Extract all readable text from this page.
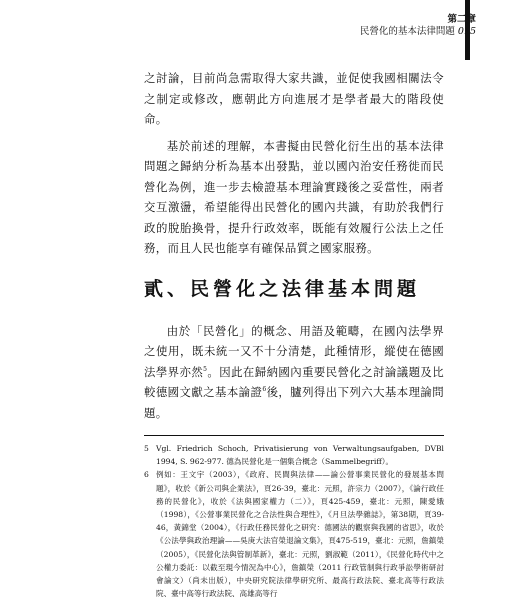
第二章
民營化的基本法律問題 015

之討論，目前尚急需取得大家共識，並促使我國相關法令之制定或修改，應朝此方向進展才是學者最大的階段使命。

基於前述的理解，本書擬由民營化衍生出的基本法律問題之歸納分析為基本出發點，並以國內治安任務徙而民營化為例，進一步去檢證基本理論實踐後之妥當性，兩者交互激盪，希望能得出民營化的國內共識，有助於我們行政的脫胎換骨，提升行政效率，既能有效履行公法上之任務，而且人民也能享有確保品質之國家服務。

貳、民營化之法律基本問題

由於「民營化」的概念、用語及範疇，在國內法學界之使用，既未統一又不十分清楚，此種情形，縱使在德國法學界亦然$^5$。因此在歸納國內重要民營化之討論議題及比較德國文獻之基本論證$^6$後，臚列得出下列六大基本理論問題。

5 Vgl. Friedrich Schoch, Privatisierung von Verwaltungsaufgaben, DVBl 1994, S. 962-977. 德為民營化是一個集合概念（Sammelbegriff）。
6 例如：王文宇（2003），《政府、民間與法律——論公營事業民營化的發展基本問題》，收於《新公司與企業法》，頁26-39，臺北：元照，許宗力（2007），《論行政任務的民營化》，收於《法與國家權力（二）》，頁425-459，臺北：元照，陳愛娥（1998），《公營事業民營化之合法性與合理性》，《月旦法學雜誌》，第38期，頁39-46，黃錦堂（2004），《行政任務民營化之研究：德國法的觀察與我國的省思》，收於《公法學與政治理論——吳庚大法官榮退論文集》，頁475-519，臺北：元照，詹鎮榮（2005），《民營化法與管制革新》，臺北：元照，劉淑範（2011），《民營化時代中之公權力委託：以截至現今情況為中心》，詹鎮榮（2011 行政管制與行政爭訟學術研討會論文）（尚未出版），中央研究院法律學研究所、最高行政法院、臺北高等行政法院、臺中高等行政法院、高雄高等行
